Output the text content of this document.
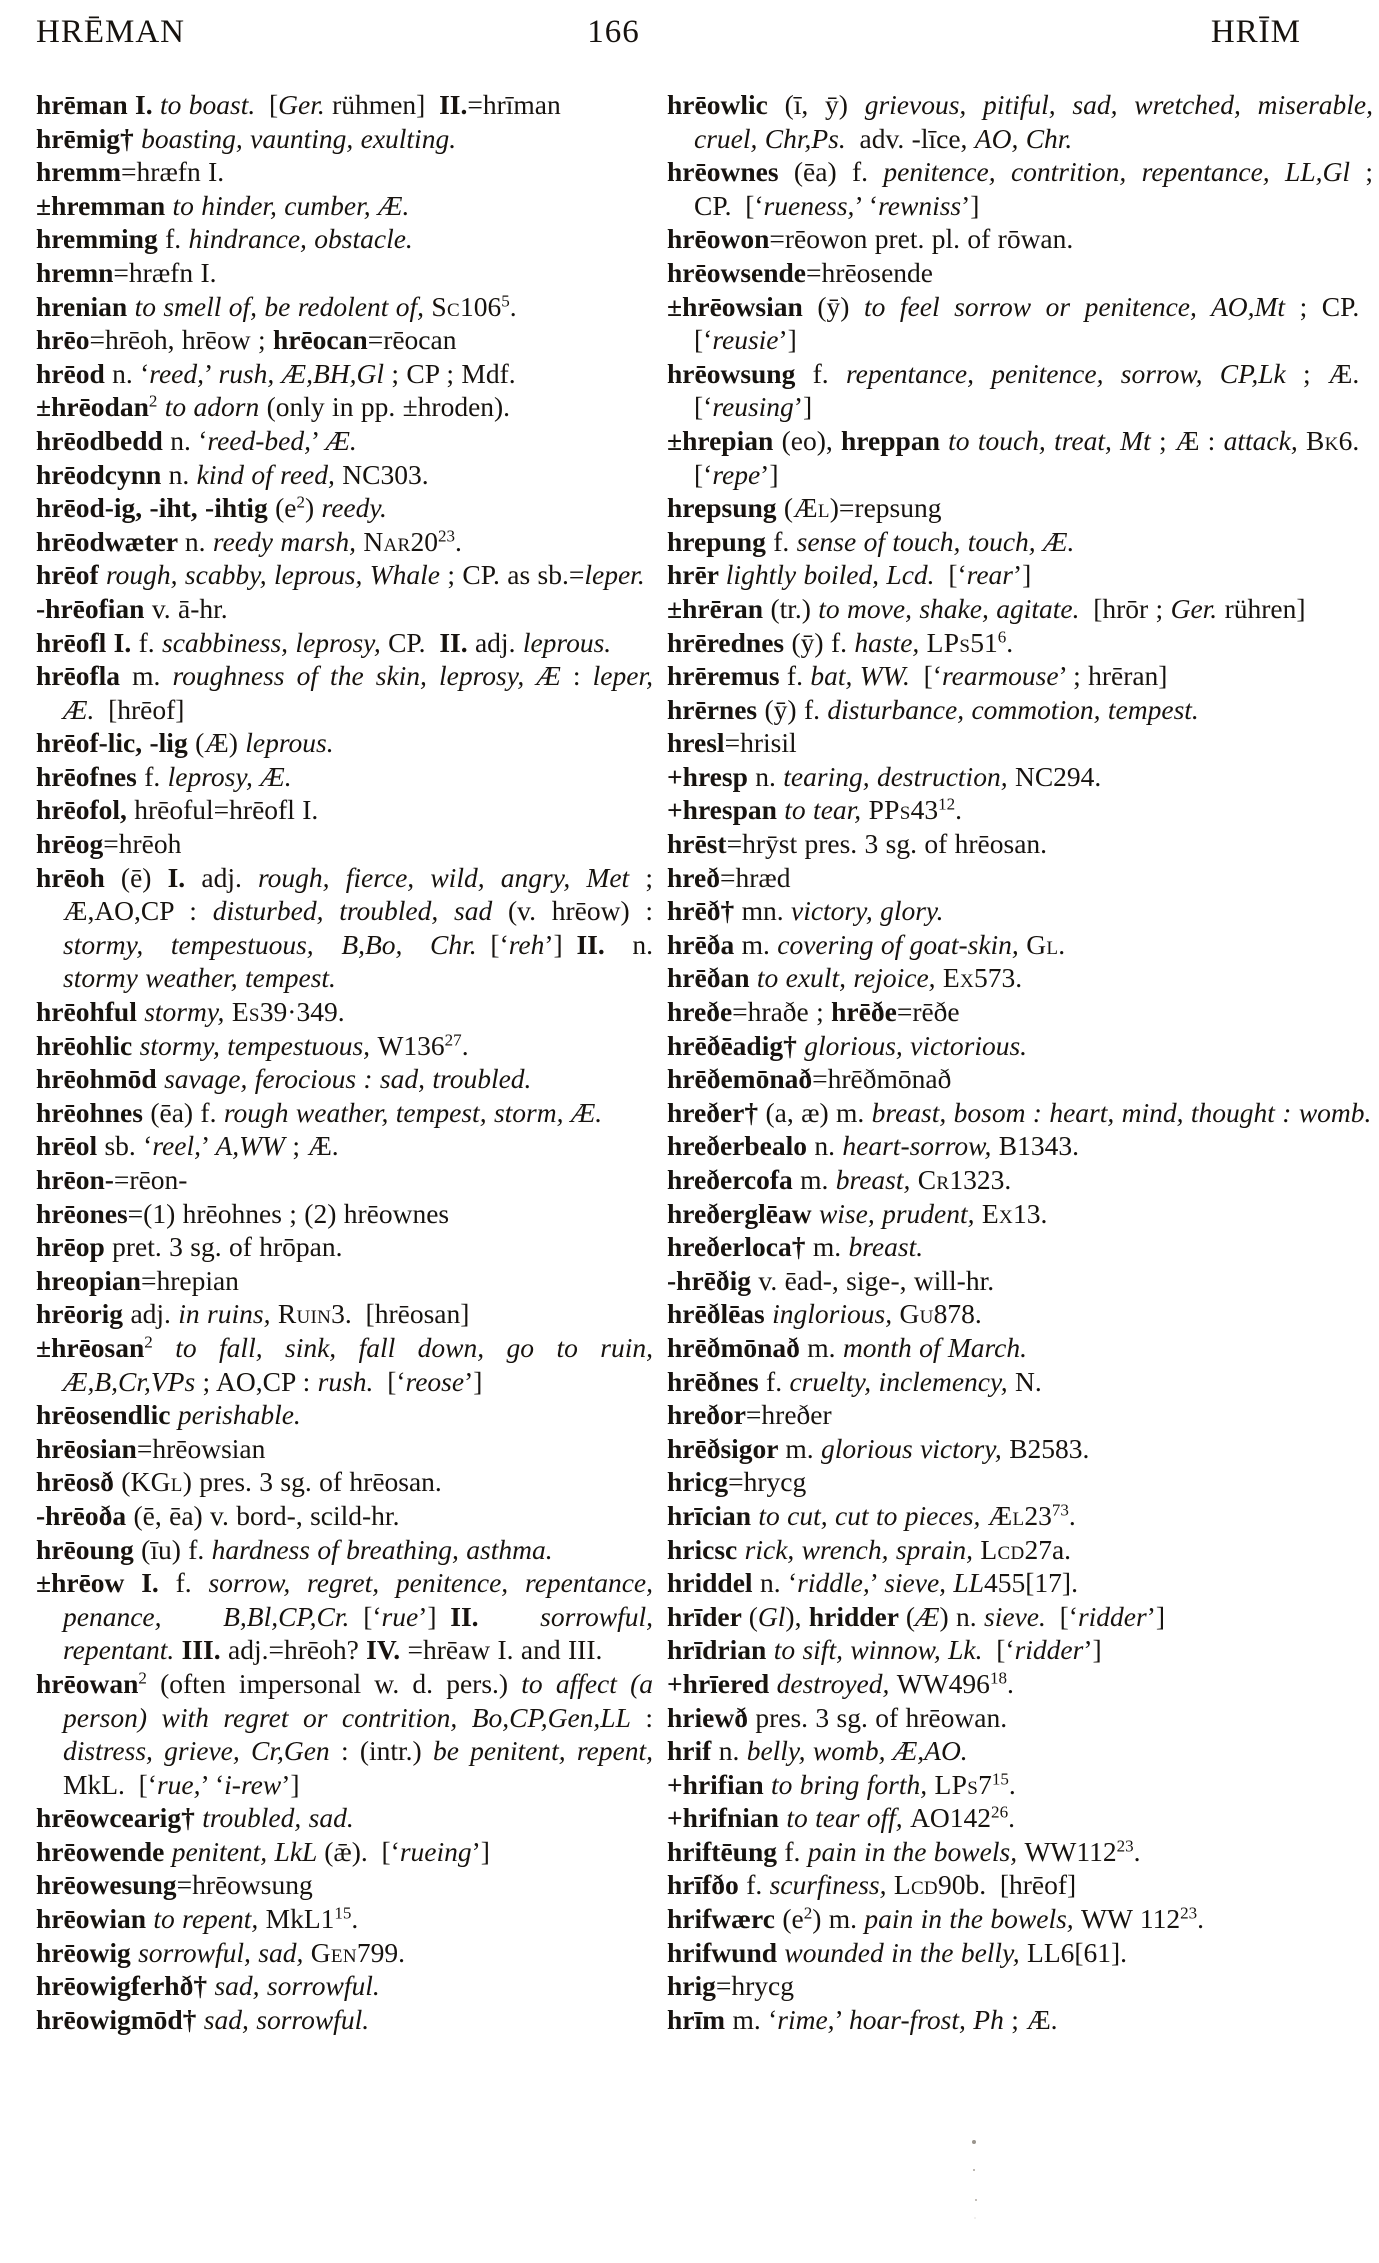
HRĒMAN	166	HRĪM

hrēman I. to boast. [Ger. rühmen] II.=hrīman

hrēmig† boasting, vaunting, exulting.

hremm=hræfn I.

±hremman to hinder, cumber, Æ.

hremming f. hindrance, obstacle.

hremn=hræfn I.

hrenian to smell of, be redolent of, $Sc106^5$.

hrēo=hrēoh, hrēow ; hrēocan=rēocan

hrēod n. ‘reed,’ rush, Æ,BH,Gl ; CP ; Mdf.

±hrēodan$^2$ to adorn (only in pp. ±hroden).

hrēodbedd n. ‘reed-bed,’ Æ.

hrēodcynn n. kind of reed, NC303.

hrēod-ig, -iht, -ihtig $(e^2)$ reedy.

hrēodwæter n. reedy marsh, $Nar20^{23}$.

hrēof rough, scabby, leprous, Whale ; CP. as sb.=leper.

-hrēofian v. ā-hr.

hrēofl I. f. scabbiness, leprosy, CP. II. adj. leprous.

hrēofla m. roughness of the skin, leprosy, Æ : leper, Æ. [hrēof]

hrēof-lic, -lig (Æ) leprous.

hrēofnes f. leprosy, Æ.

hrēofol, hrēoful=hrēofl I.

hrēog=hrēoh

hrēoh (ē) I. adj. rough, fierce, wild, angry, Met ; Æ,AO,CP : disturbed, troubled, sad (v. hrēow) : stormy, tempestuous, B,Bo, Chr. [‘reh’] II. n. stormy weather, tempest.

hrēohful stormy, Es39·349.

hrēohlic stormy, tempestuous, $W136^{27}$.

hrēohmōd savage, ferocious : sad, troubled.

hrēohnes (ēa) f. rough weather, tempest, storm, Æ.

hrēol sb. ‘reel,’ A,WW ; Æ.

hrēon-=rēon-

hrēones=(1) hrēohnes ; (2) hrēownes

hrēop pret. 3 sg. of hrōpan.

hreopian=hrepian

hrēorig adj. in ruins, Ruin3. [hrēosan]

±hrēosan$^2$ to fall, sink, fall down, go to ruin, Æ,B,Cr,VPs ; AO,CP : rush. [‘reose’]

hrēosendlic perishable.

hrēosian=hrēowsian

hrēosð (KGl) pres. 3 sg. of hrēosan.

-hrēoða (ē, ēa) v. bord-, scild-hr.

hrēoung (īu) f. hardness of breathing, asthma.

±hrēow I. f. sorrow, regret, penitence, repentance, penance, B,Bl,CP,Cr. [‘rue’] II. sorrowful, repentant. III. adj.=hrēoh? IV. =hrēaw I. and III.

hrēowan$^2$ (often impersonal w. d. pers.) to affect (a person) with regret or contrition, Bo,CP,Gen,LL : distress, grieve, Cr,Gen : (intr.) be penitent, repent, MkL. [‘rue,’ ‘i-rew’]

hrēowcearig† troubled, sad.

hrēowende penitent, LkL (ǣ). [‘rueing’]

hrēowesung=hrēowsung

hrēowian to repent, $MkL1^{15}$.

hrēowig sorrowful, sad, Gen799.

hrēowigferhð† sad, sorrowful.

hrēowigmōd† sad, sorrowful.

hrēowlic (ī, ȳ) grievous, pitiful, sad, wretched, miserable, cruel, Chr,Ps. adv. -līce, AO, Chr.

hrēownes (ēa) f. penitence, contrition, repentance, LL,Gl ; CP. [‘rueness,’ ‘rewniss’]

hrēowon=rēowon pret. pl. of rōwan.

hrēowsende=hrēosende

±hrēowsian (ȳ) to feel sorrow or penitence, AO,Mt ; CP. [‘reusie’]

hrēowsung f. repentance, penitence, sorrow, CP,Lk ; Æ. [‘reusing’]

±hrepian (eo), hreppan to touch, treat, Mt ; Æ : attack, Bk6. [‘repe’]

hrepsung (Æl)=repsung

hrepung f. sense of touch, touch, Æ.

hrēr lightly boiled, Lcd. [‘rear’]

±hrēran (tr.) to move, shake, agitate. [hrōr ; Ger. rühren]

hrērednes (ȳ) f. haste, $LPs51^6$.

hrēremus f. bat, WW. [‘rearmouse’ ; hrēran]

hrērnes (ȳ) f. disturbance, commotion, tempest.

hresl=hrisil

+hresp n. tearing, destruction, NC294.

+hrespan to tear, $PPs43^{12}$.

hrēst=hrȳst pres. 3 sg. of hrēosan.

hreð=hræd

hrēð† mn. victory, glory.

hrēða m. covering of goat-skin, Gl.

hrēðan to exult, rejoice, Ex573.

hreðe=hraðe ; hrēðe=rēðe

hrēðēadig† glorious, victorious.

hrēðemōnað=hrēðmōnað

hreðer† (a, æ) m. breast, bosom : heart, mind, thought : womb.

hreðerbealo n. heart-sorrow, B1343.

hreðercofa m. breast, Cr1323.

hreðerglēaw wise, prudent, Ex13.

hreðerloca† m. breast.

-hrēðig v. ēad-, sige-, will-hr.

hrēðlēas inglorious, Gu878.

hrēðmōnað m. month of March.

hrēðnes f. cruelty, inclemency, N.

hreðor=hreðer

hrēðsigor m. glorious victory, B2583.

hricg=hrycg

hrīcian to cut, cut to pieces, $Æl23^{73}$.

hricsc rick, wrench, sprain, Lcd27a.

hriddel n. ‘riddle,’ sieve, LL455[17].

hrīder (Gl), hridder (Æ) n. sieve. [‘ridder’]

hrīdrian to sift, winnow, Lk. [‘ridder’]

+hrīered destroyed, $WW496^{18}$.

hriewð pres. 3 sg. of hrēowan.

hrif n. belly, womb, Æ,AO.

+hrifian to bring forth, $LPs7^{15}$.

+hrifnian to tear off, $AO142^{26}$.

hriftēung f. pain in the bowels, $WW112^{23}$.

hrīfðo f. scurfiness, Lcd90b. [hrēof]

hrifwærc $(e^2)$ m. pain in the bowels, WW $112^{23}$.

hrifwund wounded in the belly, LL6[61].

hrig=hrycg

hrīm m. ‘rime,’ hoar-frost, Ph ; Æ.
